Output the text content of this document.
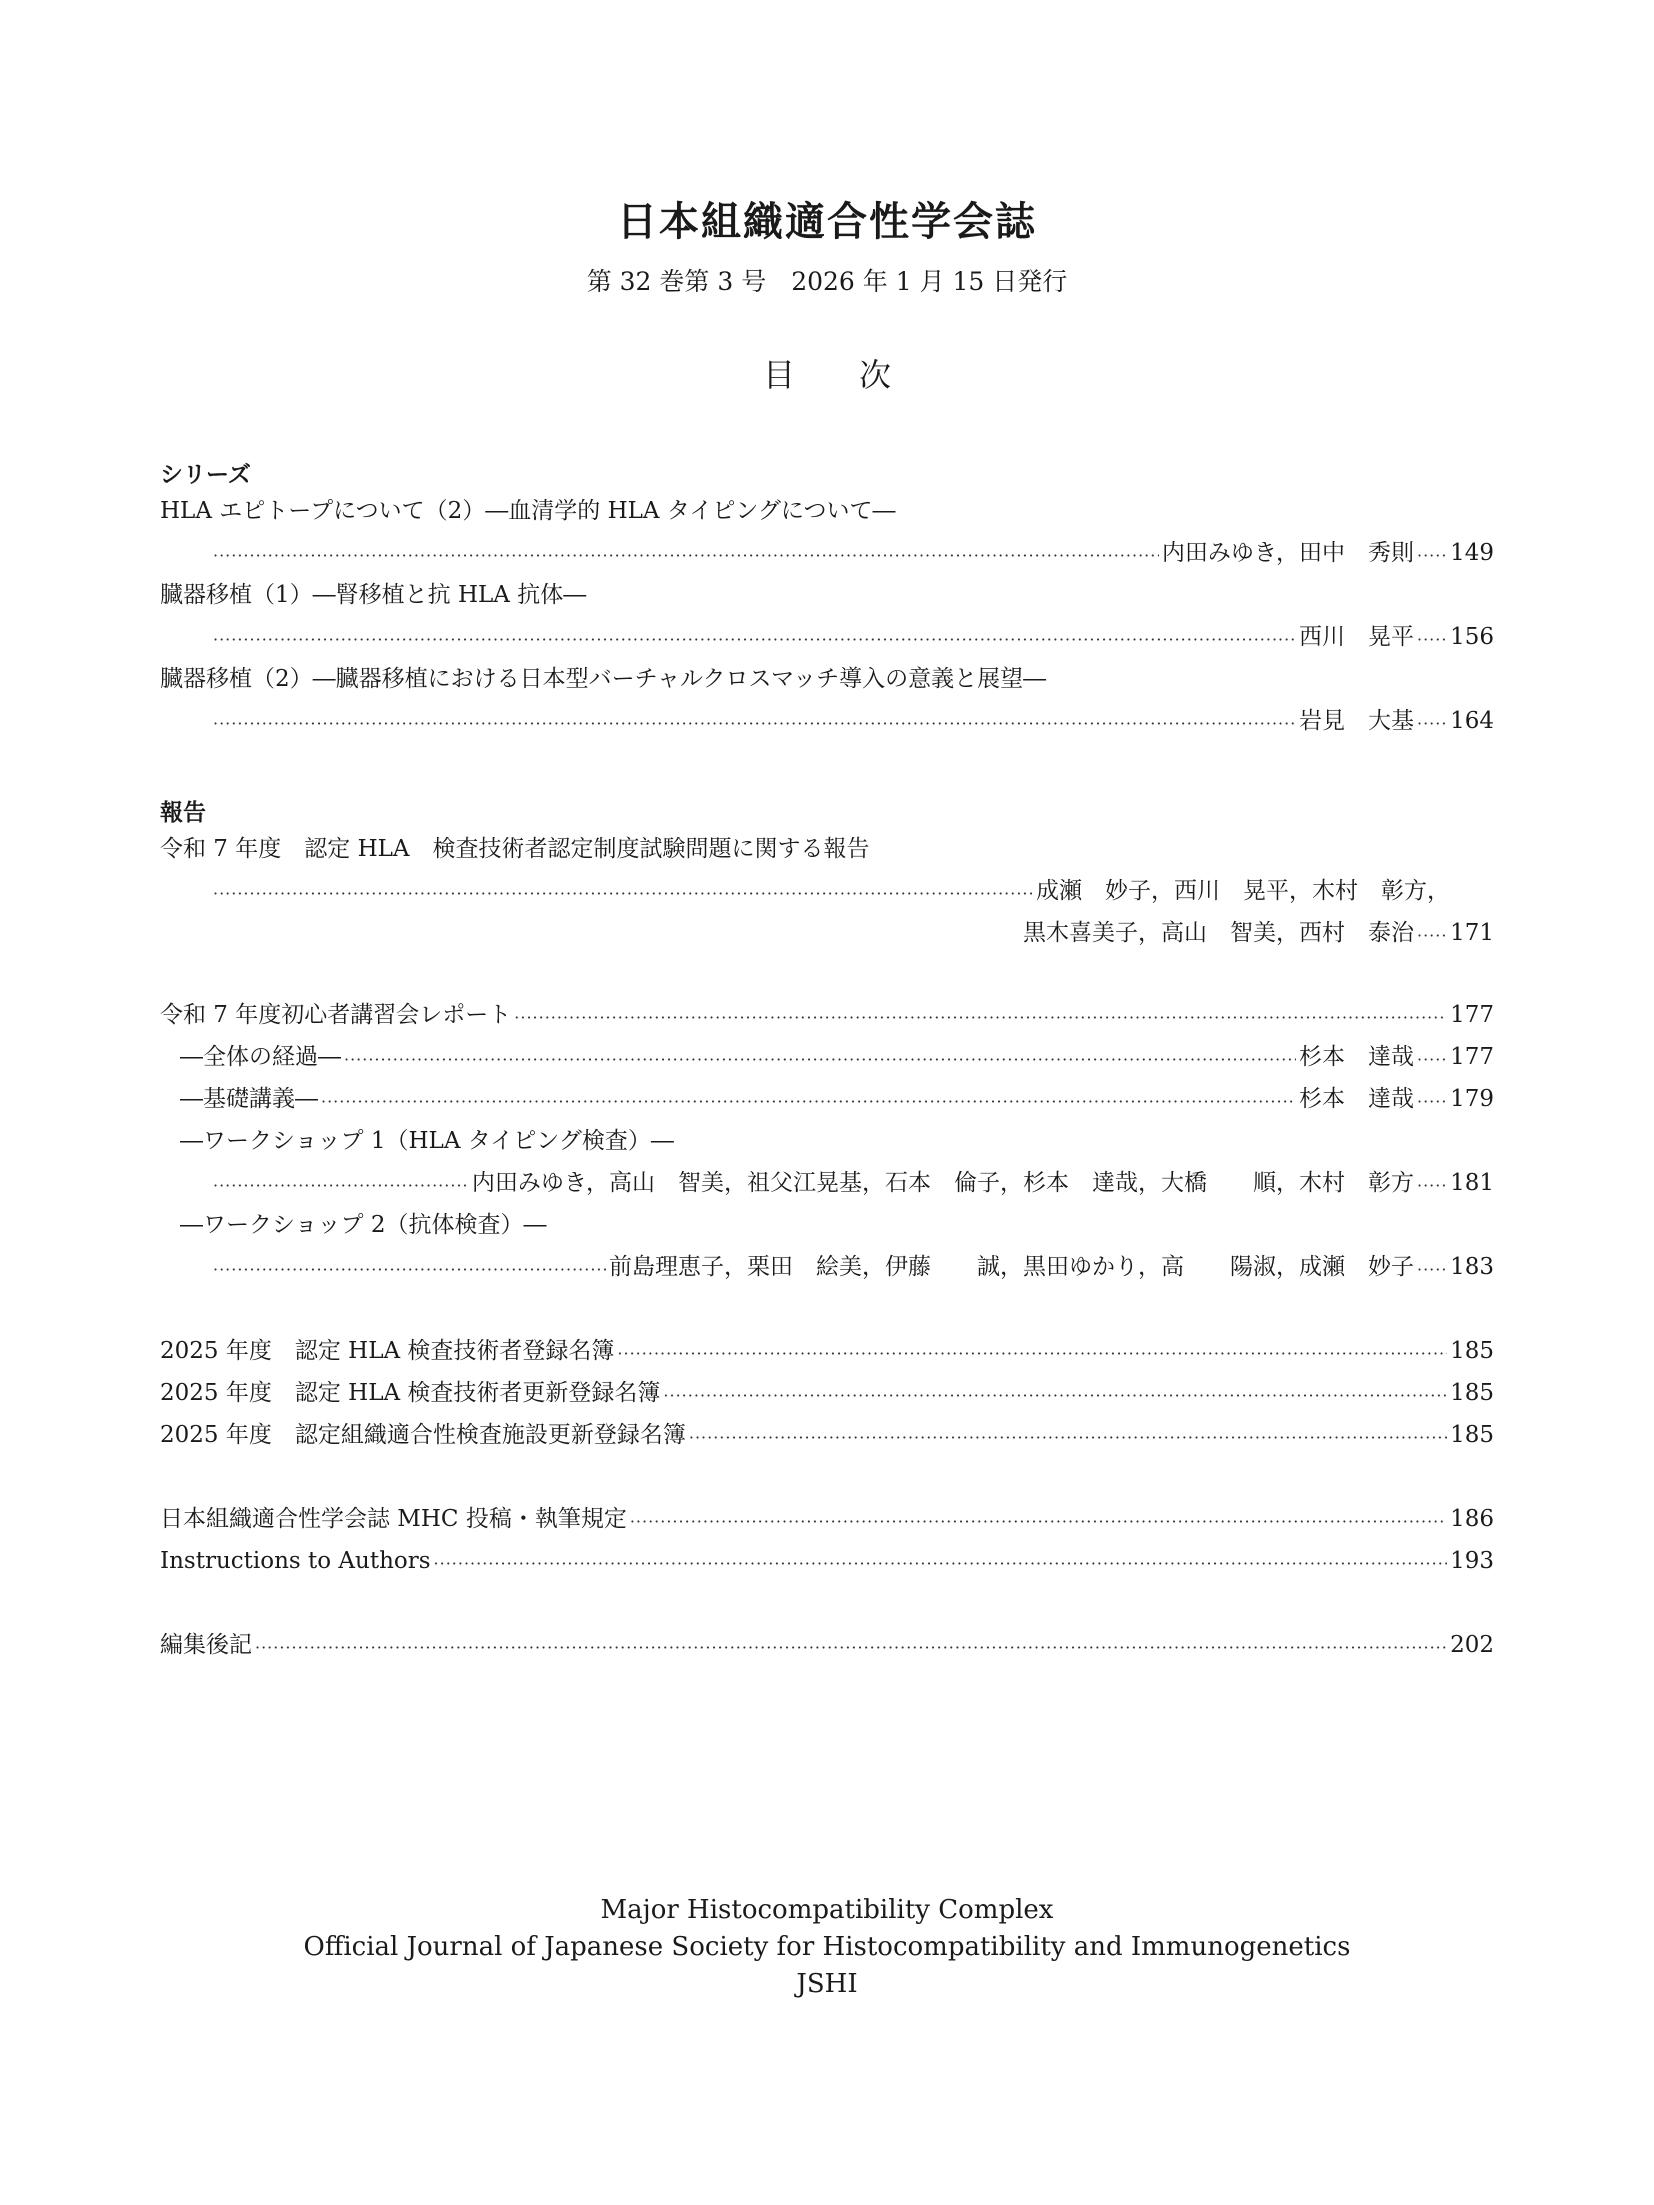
日本組織適合性学会誌
第 32 巻第 3 号　2026 年 1 月 15 日発行
目　　次
シリーズ
HLA エピトープについて（2）―血清学的 HLA タイピングについて―
·····
内田みゆき，田中　秀則 ····· 149
臓器移植（1）―腎移植と抗 HLA 抗体―
·····
西川　晃平 ····· 156
臓器移植（2）―臓器移植における日本型バーチャルクロスマッチ導入の意義と展望―
·····
岩見　大基 ····· 164
報告
令和 7 年度　認定 HLA　検査技術者認定制度試験問題に関する報告
·····
成瀬　妙子，西川　晃平，木村　彰方，
黒木喜美子，高山　智美，西村　泰治 ····· 171
令和 7 年度初心者講習会レポート ·····	177
―全体の経過― ·····	杉本　達哉 ····· 177
―基礎講義― ·····	杉本　達哉 ····· 179
―ワークショップ 1（HLA タイピング検査）―
·····
内田みゆき，高山　智美，祖父江晃基，石本　倫子，杉本　達哉，大橋　　順，木村　彰方 ····· 181
―ワークショップ 2（抗体検査）―
·····
前島理恵子，栗田　絵美，伊藤　　誠，黒田ゆかり，高　　陽淑，成瀬　妙子 ····· 183
2025 年度　認定 HLA 検査技術者登録名簿 ·····	185
2025 年度　認定 HLA 検査技術者更新登録名簿 ·····	185
2025 年度　認定組織適合性検査施設更新登録名簿 ·····	185
日本組織適合性学会誌 MHC 投稿・執筆規定 ·····	186
Instructions to Authors ·····	193
編集後記 ·····	202
Major Histocompatibility Complex
Official Journal of Japanese Society for Histocompatibility and Immunogenetics
JSHI
